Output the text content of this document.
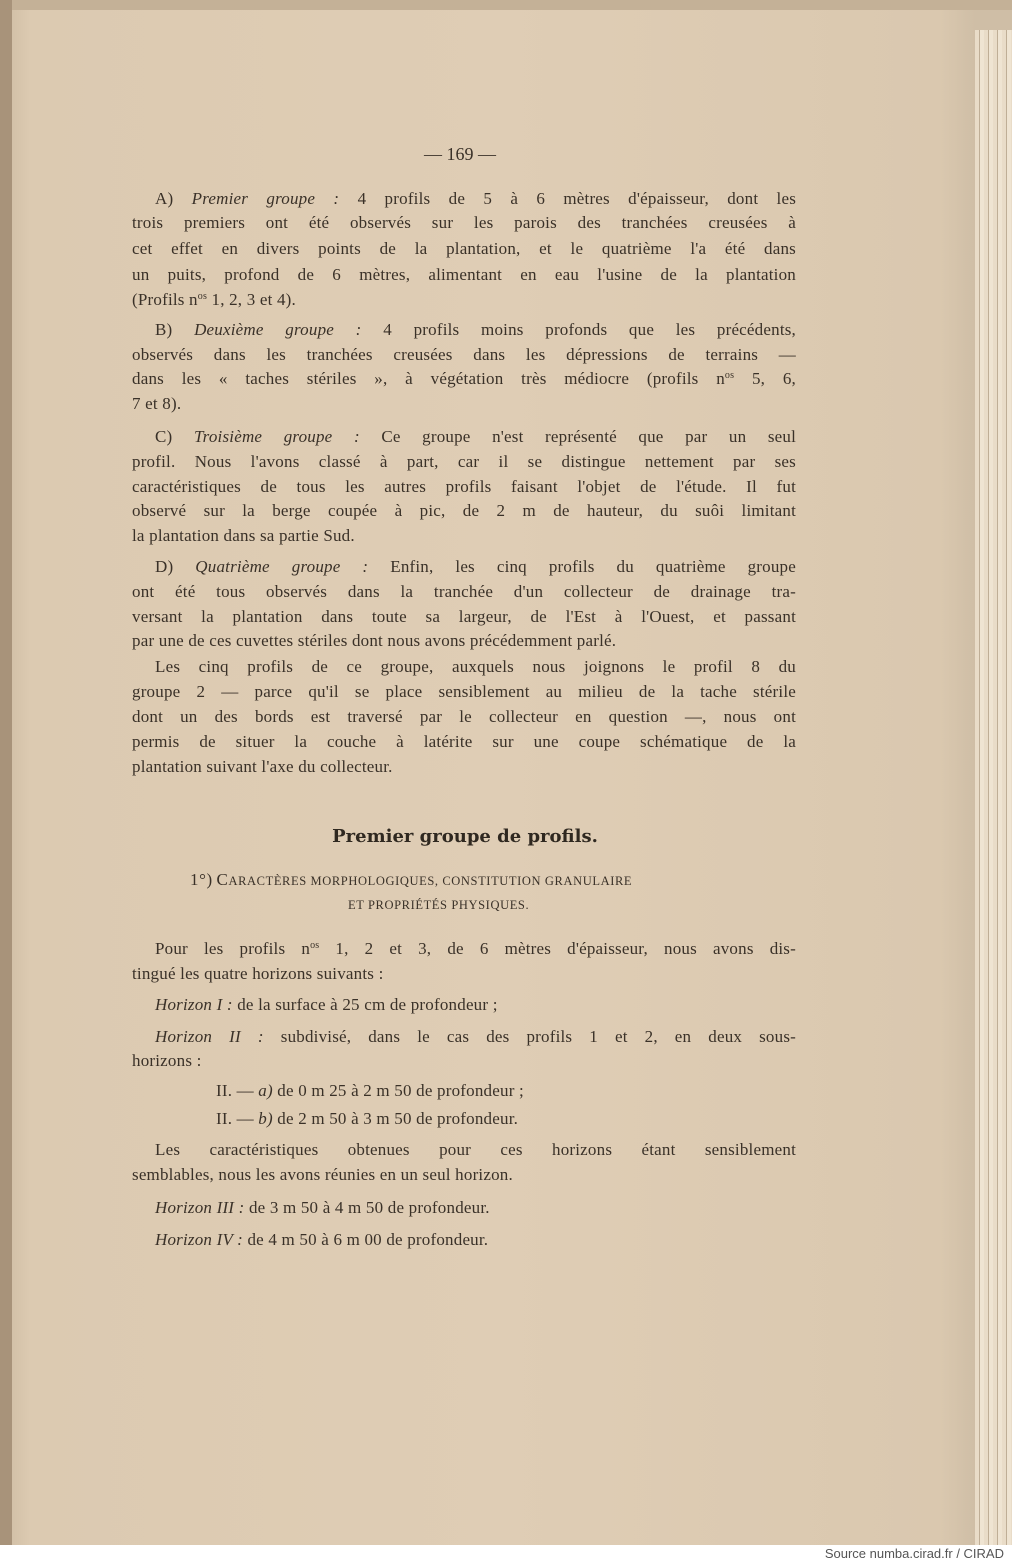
— 169 —
A) Premier groupe : 4 profils de 5 à 6 mètres d'épaisseur, dont les
trois premiers ont été observés sur les parois des tranchées creusées à
cet effet en divers points de la plantation, et le quatrième l'a été dans
un puits, profond de 6 mètres, alimentant en eau l'usine de la plantation
(Profils $n^{os}$ 1, 2, 3 et 4).
B) Deuxième groupe : 4 profils moins profonds que les précédents,
observés dans les tranchées creusées dans les dépressions de terrains —
dans les « taches stériles », à végétation très médiocre (profils $n^{os}$ 5, 6,
7 et 8).
C) Troisième groupe : Ce groupe n'est représenté que par un seul
profil. Nous l'avons classé à part, car il se distingue nettement par ses
caractéristiques de tous les autres profils faisant l'objet de l'étude. Il fut
observé sur la berge coupée à pic, de 2 m de hauteur, du suôi limitant
la plantation dans sa partie Sud.
D) Quatrième groupe : Enfin, les cinq profils du quatrième groupe
ont été tous observés dans la tranchée d'un collecteur de drainage tra-
versant la plantation dans toute sa largeur, de l'Est à l'Ouest, et passant
par une de ces cuvettes stériles dont nous avons précédemment parlé.
Les cinq profils de ce groupe, auxquels nous joignons le profil 8 du
groupe 2 — parce qu'il se place sensiblement au milieu de la tache stérile
dont un des bords est traversé par le collecteur en question —, nous ont
permis de situer la couche à latérite sur une coupe schématique de la
plantation suivant l'axe du collecteur.
Premier groupe de profils.
1°) CARACTÈRES MORPHOLOGIQUES, CONSTITUTION GRANULAIRE
ET PROPRIÉTÉS PHYSIQUES.
Pour les profils $n^{os}$ 1, 2 et 3, de 6 mètres d'épaisseur, nous avons dis-
tingué les quatre horizons suivants :
Horizon I : de la surface à 25 cm de profondeur ;
Horizon II : subdivisé, dans le cas des profils 1 et 2, en deux sous-
horizons :
II. — a) de 0 m 25 à 2 m 50 de profondeur ;
II. — b) de 2 m 50 à 3 m 50 de profondeur.
Les caractéristiques obtenues pour ces horizons étant sensiblement
semblables, nous les avons réunies en un seul horizon.
Horizon III : de 3 m 50 à 4 m 50 de profondeur.
Horizon IV : de 4 m 50 à 6 m 00 de profondeur.
Source numba.cirad.fr / CIRAD
